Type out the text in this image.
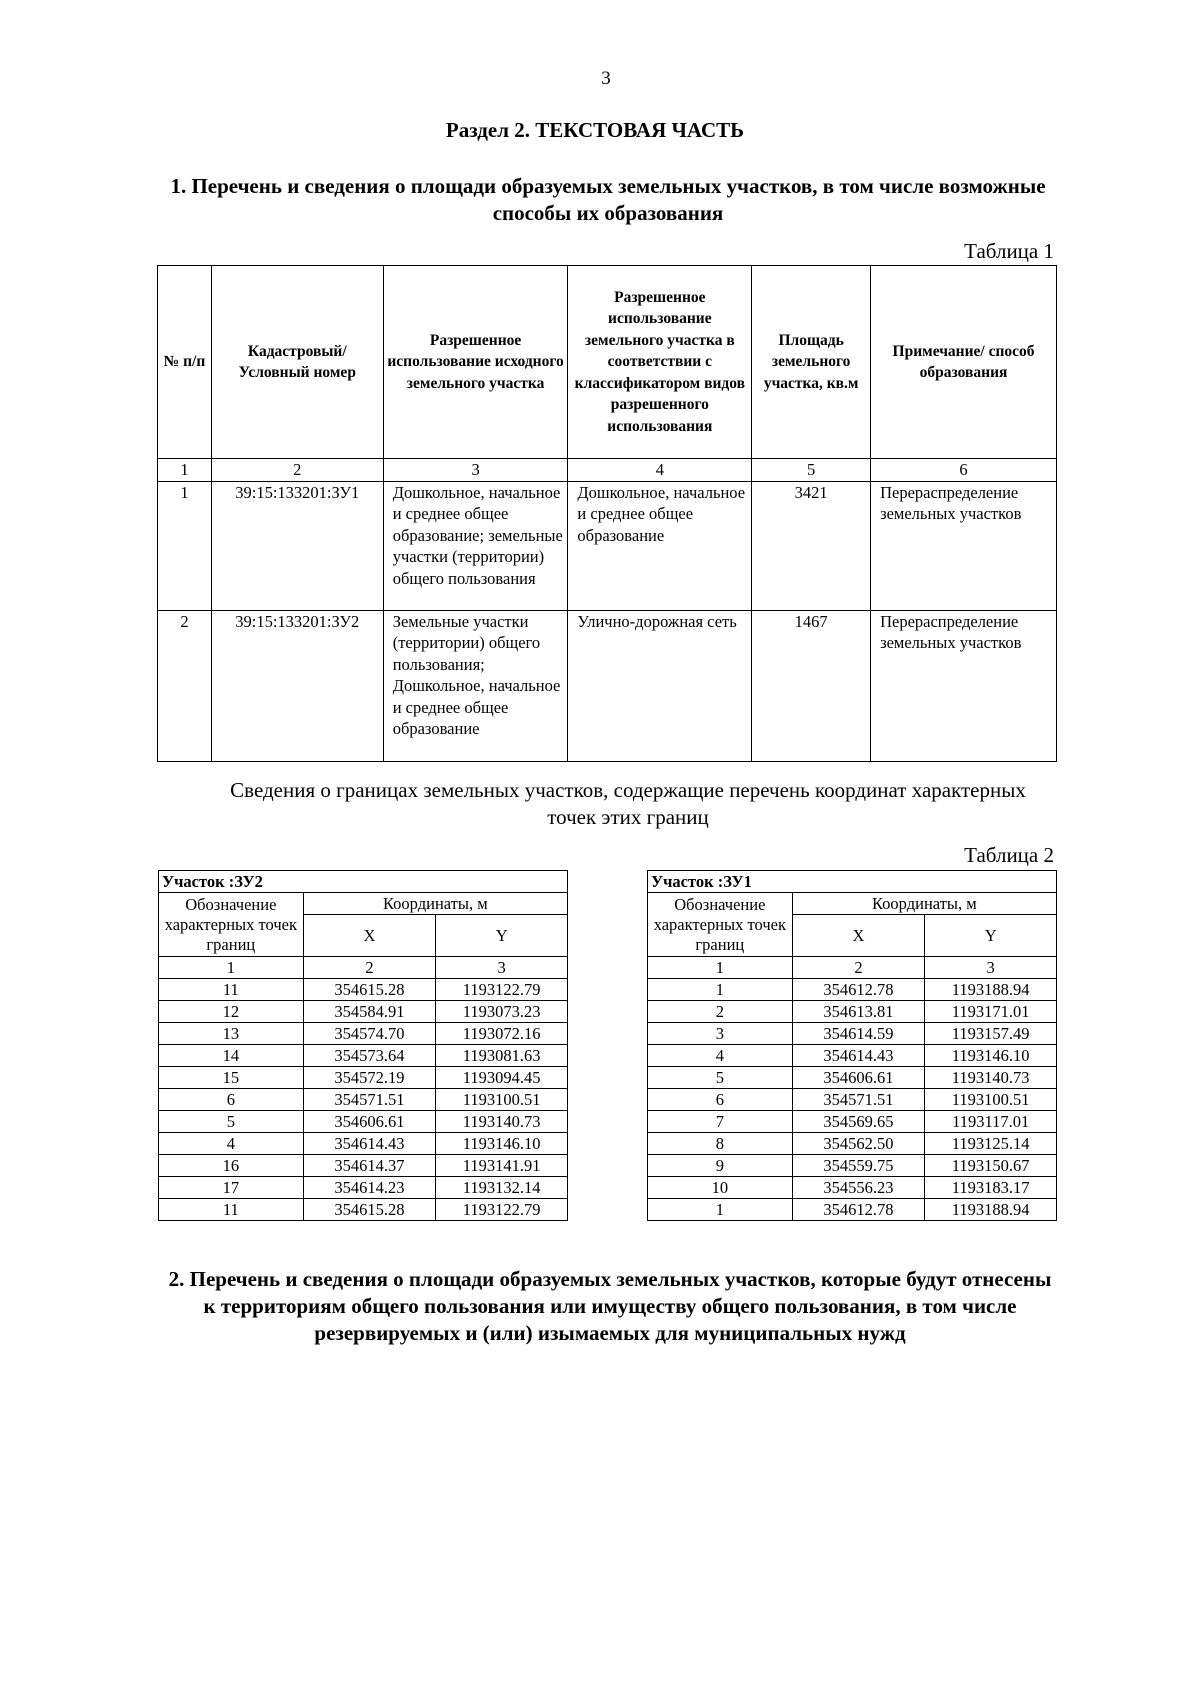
3
Раздел 2. ТЕКСТОВАЯ ЧАСТЬ
1. Перечень и сведения о площади образуемых земельных участков, в том числе возможные способы их образования
Таблица 1
№ п/п	Кадастровый/ Условный номер	Разрешенное использование исходного земельного участка	Разрешенное использование земельного участка в соответствии с классификатором видов разрешенного использования	Площадь земельного участка, кв.м	Примечание/ способ образования
1	2	3	4	5	6
1	39:15:133201:ЗУ1	Дошкольное, начальное и среднее общее образование; земельные участки (территории) общего пользования	Дошкольное, начальное и среднее общее образование	3421	Перераспределение земельных участков
2	39:15:133201:ЗУ2	Земельные участки (территории) общего пользования; Дошкольное, начальное и среднее общее образование	Улично-дорожная сеть	1467	Перераспределение земельных участков
Сведения о границах земельных участков, содержащие перечень координат характерных точек этих границ
Таблица 2
2. Перечень и сведения о площади образуемых земельных участков, которые будут отнесены к территориям общего пользования или имуществу общего пользования, в том числе резервируемых и (или) изымаемых для муниципальных нужд
Участок :ЗУ2		
Обозначение характерных точек границ	Координаты, м	
	X	Y
1	2	3
11	354615.28	1193122.79
12	354584.91	1193073.23
13	354574.70	1193072.16
14	354573.64	1193081.63
15	354572.19	1193094.45
6	354571.51	1193100.51
5	354606.61	1193140.73
4	354614.43	1193146.10
16	354614.37	1193141.91
17	354614.23	1193132.14
11	354615.28	1193122.79
Участок :ЗУ1		
Обозначение характерных точек границ	Координаты, м	
	X	Y
1	2	3
1	354612.78	1193188.94
2	354613.81	1193171.01
3	354614.59	1193157.49
4	354614.43	1193146.10
5	354606.61	1193140.73
6	354571.51	1193100.51
7	354569.65	1193117.01
8	354562.50	1193125.14
9	354559.75	1193150.67
10	354556.23	1193183.17
1	354612.78	1193188.94
